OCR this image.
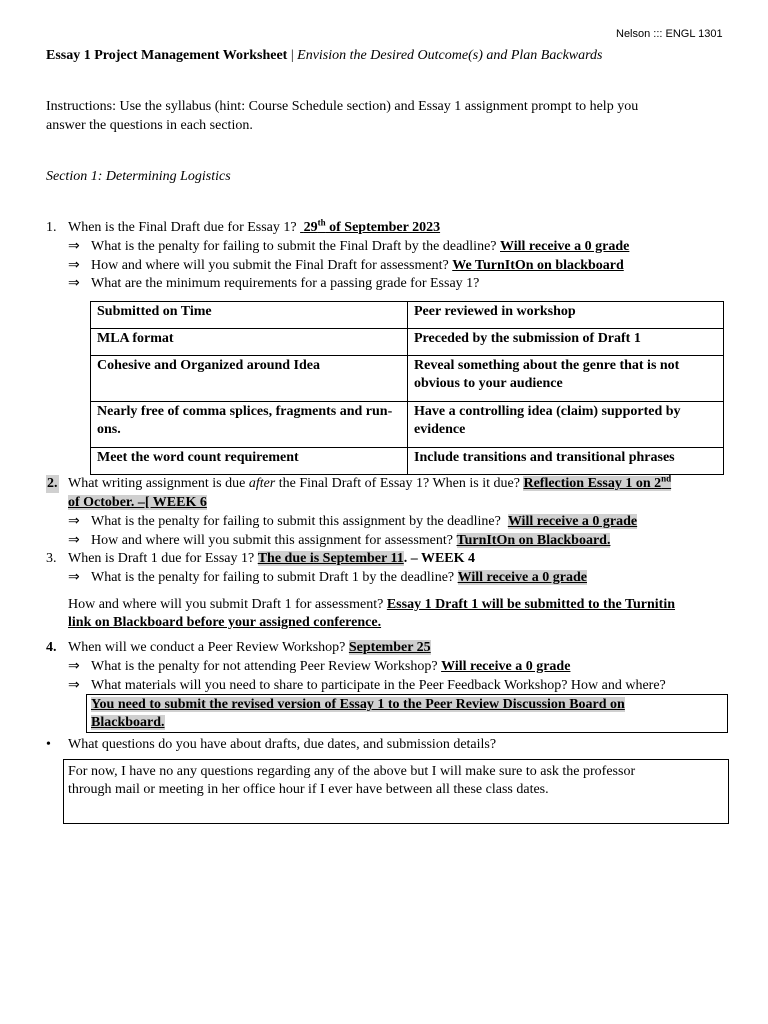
Nelson ::: ENGL 1301
Essay 1 Project Management Worksheet | Envision the Desired Outcome(s) and Plan Backwards
Instructions: Use the syllabus (hint: Course Schedule section) and Essay 1 assignment prompt to help you
answer the questions in each section.
Section 1: Determining Logistics
1. When is the Final Draft due for Essay 1? 29th of September 2023
⇒ What is the penalty for failing to submit the Final Draft by the deadline? Will receive a 0 grade
⇒ How and where will you submit the Final Draft for assessment? We TurnItOn on blackboard
⇒ What are the minimum requirements for a passing grade for Essay 1?
Submitted on Time	Peer reviewed in workshop
MLA format	Preceded by the submission of Draft 1
Cohesive and Organized around Idea	Reveal something about the genre that is not obvious to your audience
Nearly free of comma splices, fragments and run-ons.	Have a controlling idea (claim) supported by evidence
Meet the word count requirement	Include transitions and transitional phrases
2. What writing assignment is due after the Final Draft of Essay 1? When is it due? Reflection Essay 1 on 2nd
of October. –[ WEEK 6
⇒ What is the penalty for failing to submit this assignment by the deadline? Will receive a 0 grade
⇒ How and where will you submit this assignment for assessment? TurnItOn on Blackboard.
3. When is Draft 1 due for Essay 1? The due is September 11. – WEEK 4
⇒ What is the penalty for failing to submit Draft 1 by the deadline? Will receive a 0 grade
How and where will you submit Draft 1 for assessment? Essay 1 Draft 1 will be submitted to the Turnitin
link on Blackboard before your assigned conference.
4. When will we conduct a Peer Review Workshop? September 25
⇒ What is the penalty for not attending Peer Review Workshop? Will receive a 0 grade
⇒ What materials will you need to share to participate in the Peer Feedback Workshop? How and where?
You need to submit the revised version of Essay 1 to the Peer Review Discussion Board on
Blackboard.
• What questions do you have about drafts, due dates, and submission details?
For now, I have no any questions regarding any of the above but I will make sure to ask the professor
through mail or meeting in her office hour if I ever have between all these class dates.
